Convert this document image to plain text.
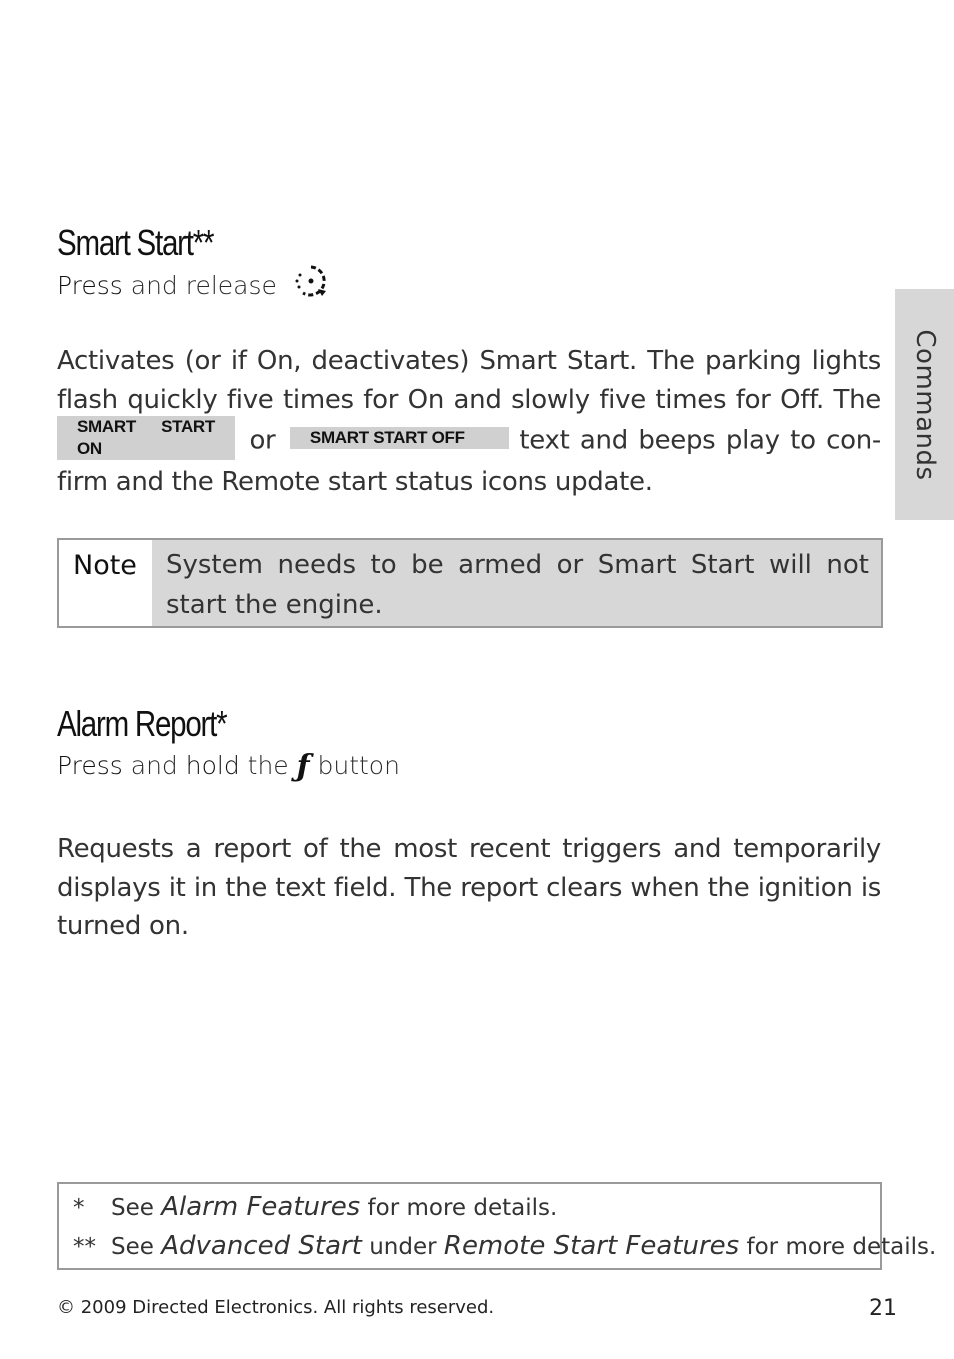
Commands
Smart Start**
Press and release
Activates (or if On, deactivates) Smart Start. The parking lights flash quickly five times for On and slowly five times for Off. The SMART START ON	or SMART START OFF text and beeps play to con-firm and the Remote start status icons update.
Note	System needs to be armed or Smart Start will not start the engine.
Alarm Report*
Press and hold the ƒ button
Requests a report of the most recent triggers and temporarily displays it in the text field. The report clears when the ignition is turned on.
* See Alarm Features for more details.
** See Advanced Start under Remote Start Features for more details.
© 2009 Directed Electronics. All rights reserved.	21
